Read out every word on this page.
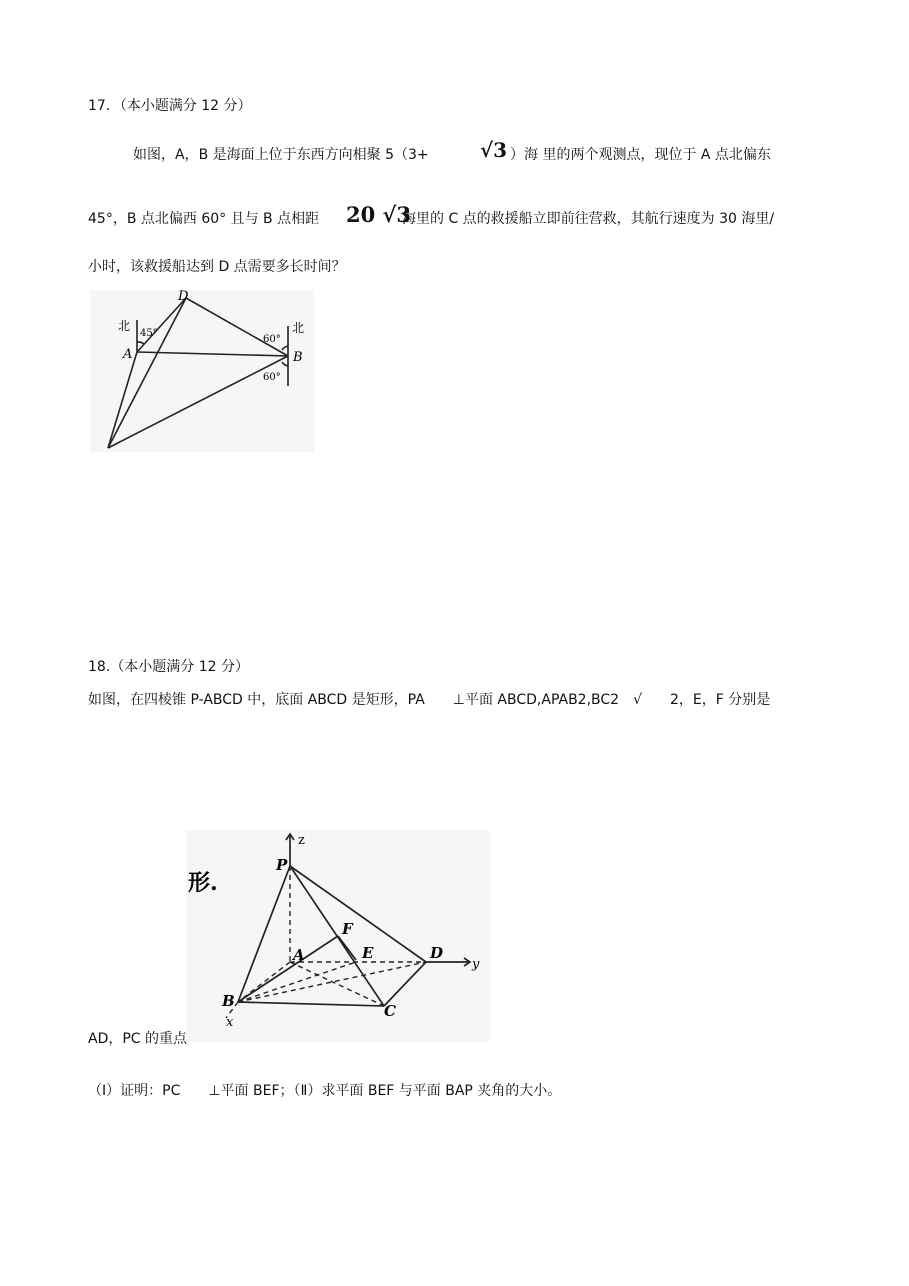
17．（本小题满分 12 分）
如图，A，B 是海面上位于东西方向相聚 5（3+	√3 ）海 里的两个观测点，现位于 A 点北偏东
45°，B 点北偏西 60° 且与 B 点相距 20 √3
海里的 C 点的救援船立即前往营救，其航行速度为 30 海里/
小时，该救援船达到 D 点需要多长时间？
D
A	B
北	北
45°
60°
60°
18.（本小题满分 12 分）
如图，在四棱锥 P-ABCD 中，底面 ABCD 是矩形，PA　　⊥平面 ABCD,APAB2,BC2　√　　2，E，F 分别是
形.
z
P
A
F
E	D
y
B
C
x
AD，PC 的重点
（Ⅰ）证明：PC　　⊥平面 BEF；（Ⅱ）求平面 BEF 与平面 BAP 夹角的大小。
